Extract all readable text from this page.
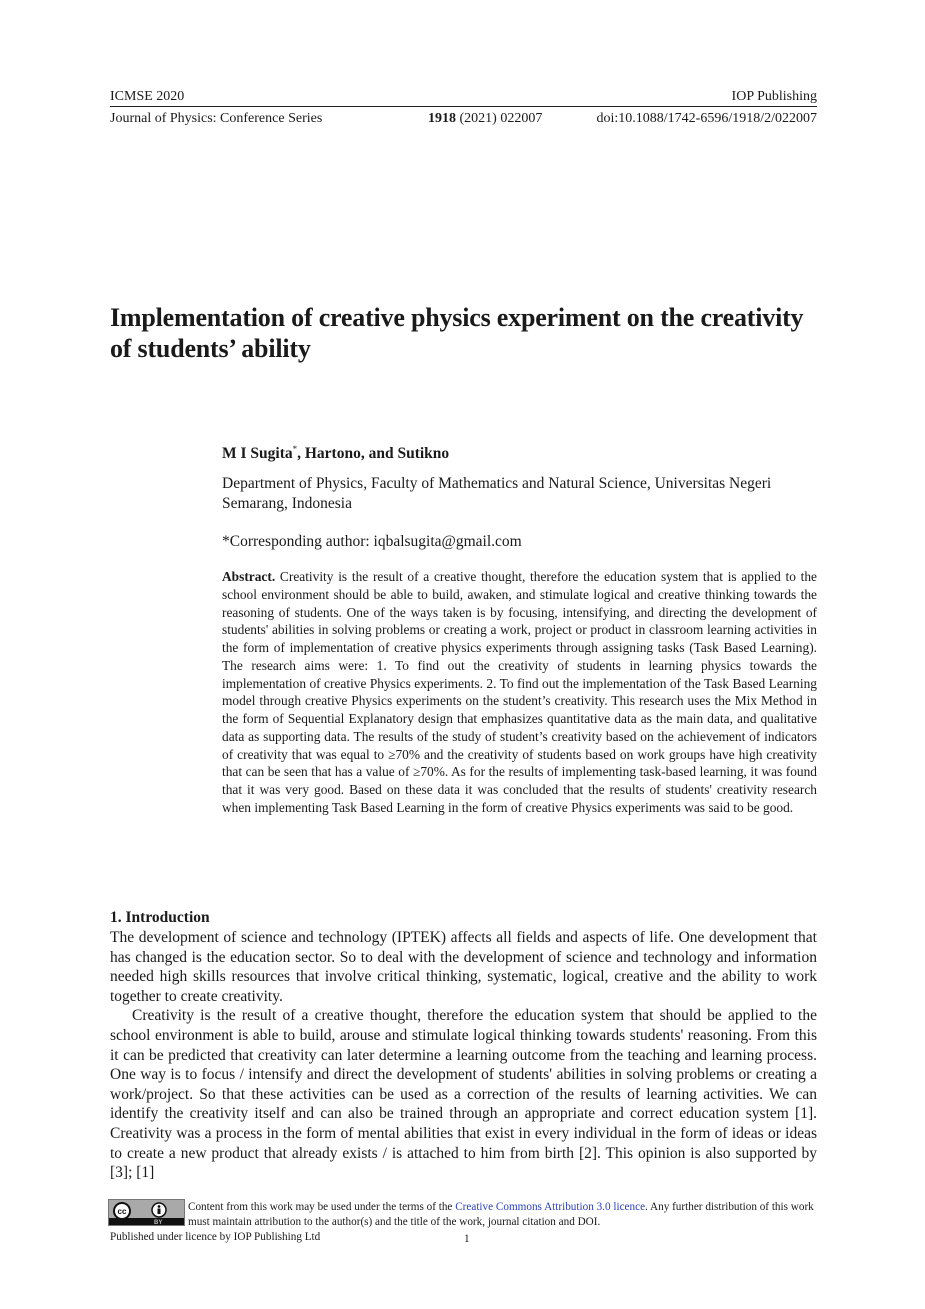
ICMSE 2020	IOP Publishing
Journal of Physics: Conference Series	1918 (2021) 022007	doi:10.1088/1742-6596/1918/2/022007
Implementation of creative physics experiment on the creativity of students’ ability
M I Sugita*, Hartono, and Sutikno
Department of Physics, Faculty of Mathematics and Natural Science, Universitas Negeri Semarang, Indonesia
*Corresponding author: iqbalsugita@gmail.com
Abstract. Creativity is the result of a creative thought, therefore the education system that is applied to the school environment should be able to build, awaken, and stimulate logical and creative thinking towards the reasoning of students. One of the ways taken is by focusing, intensifying, and directing the development of students' abilities in solving problems or creating a work, project or product in classroom learning activities in the form of implementation of creative physics experiments through assigning tasks (Task Based Learning). The research aims were: 1. To find out the creativity of students in learning physics towards the implementation of creative Physics experiments. 2. To find out the implementation of the Task Based Learning model through creative Physics experiments on the student’s creativity. This research uses the Mix Method in the form of Sequential Explanatory design that emphasizes quantitative data as the main data, and qualitative data as supporting data. The results of the study of student’s creativity based on the achievement of indicators of creativity that was equal to ≥70% and the creativity of students based on work groups have high creativity that can be seen that has a value of ≥70%. As for the results of implementing task-based learning, it was found that it was very good. Based on these data it was concluded that the results of students' creativity research when implementing Task Based Learning in the form of creative Physics experiments was said to be good.
1. Introduction

The development of science and technology (IPTEK) affects all fields and aspects of life. One development that has changed is the education sector. So to deal with the development of science and technology and information needed high skills resources that involve critical thinking, systematic, logical, creative and the ability to work together to create creativity.

Creativity is the result of a creative thought, therefore the education system that should be applied to the school environment is able to build, arouse and stimulate logical thinking towards students' reasoning. From this it can be predicted that creativity can later determine a learning outcome from the teaching and learning process. One way is to focus / intensify and direct the development of students' abilities in solving problems or creating a work/project. So that these activities can be used as a correction of the results of learning activities. We can identify the creativity itself and can also be trained through an appropriate and correct education system [1]. Creativity was a process in the form of mental abilities that exist in every individual in the form of ideas or ideas to create a new product that already exists / is attached to him from birth [2]. This opinion is also supported by [3]; [1]

cc
BY
Content from this work may be used under the terms of the Creative Commons Attribution 3.0 licence. Any further distribution of this work must maintain attribution to the author(s) and the title of the work, journal citation and DOI.
Published under licence by IOP Publishing Ltd	1
